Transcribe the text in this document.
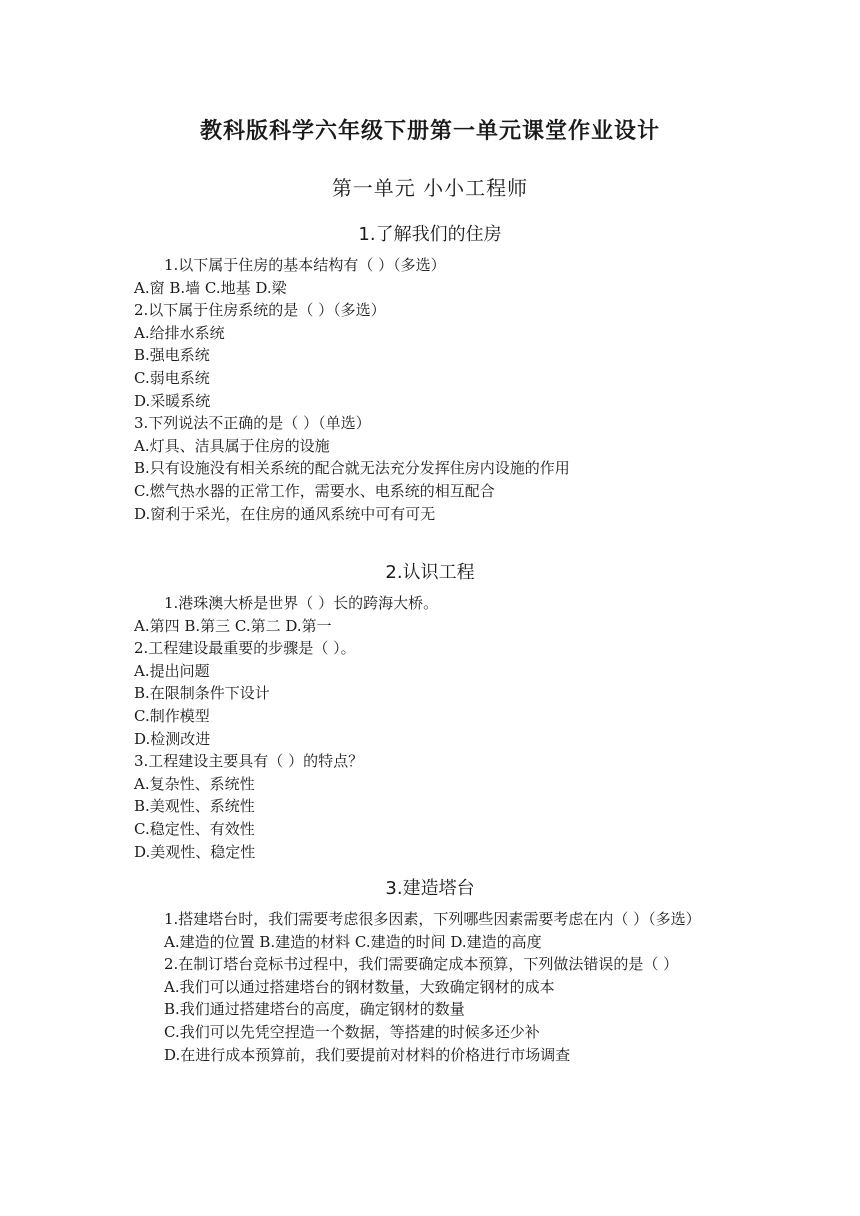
教科版科学六年级下册第一单元课堂作业设计
第一单元 小小工程师
1.了解我们的住房
1.以下属于住房的基本结构有（ ）（多选）
A.窗 B.墙 C.地基 D.梁
2.以下属于住房系统的是（ ）（多选）
A.给排水系统
B.强电系统
C.弱电系统
D.采暖系统
3.下列说法不正确的是（ ）（单选）
A.灯具、洁具属于住房的设施
B.只有设施没有相关系统的配合就无法充分发挥住房内设施的作用
C.燃气热水器的正常工作，需要水、电系统的相互配合
D.窗利于采光，在住房的通风系统中可有可无
2.认识工程
1.港珠澳大桥是世界（ ）长的跨海大桥。
A.第四 B.第三 C.第二 D.第一
2.工程建设最重要的步骤是（ ）。
A.提出问题
B.在限制条件下设计
C.制作模型
D.检测改进
3.工程建设主要具有（ ）的特点？
A.复杂性、系统性
B.美观性、系统性
C.稳定性、有效性
D.美观性、稳定性
3.建造塔台
1.搭建塔台时，我们需要考虑很多因素，下列哪些因素需要考虑在内（ ）（多选）
A.建造的位置 B.建造的材料 C.建造的时间 D.建造的高度
2.在制订塔台竞标书过程中，我们需要确定成本预算，下列做法错误的是（ ）
A.我们可以通过搭建塔台的钢材数量，大致确定钢材的成本
B.我们通过搭建塔台的高度，确定钢材的数量
C.我们可以先凭空捏造一个数据，等搭建的时候多还少补
D.在进行成本预算前，我们要提前对材料的价格进行市场调查
